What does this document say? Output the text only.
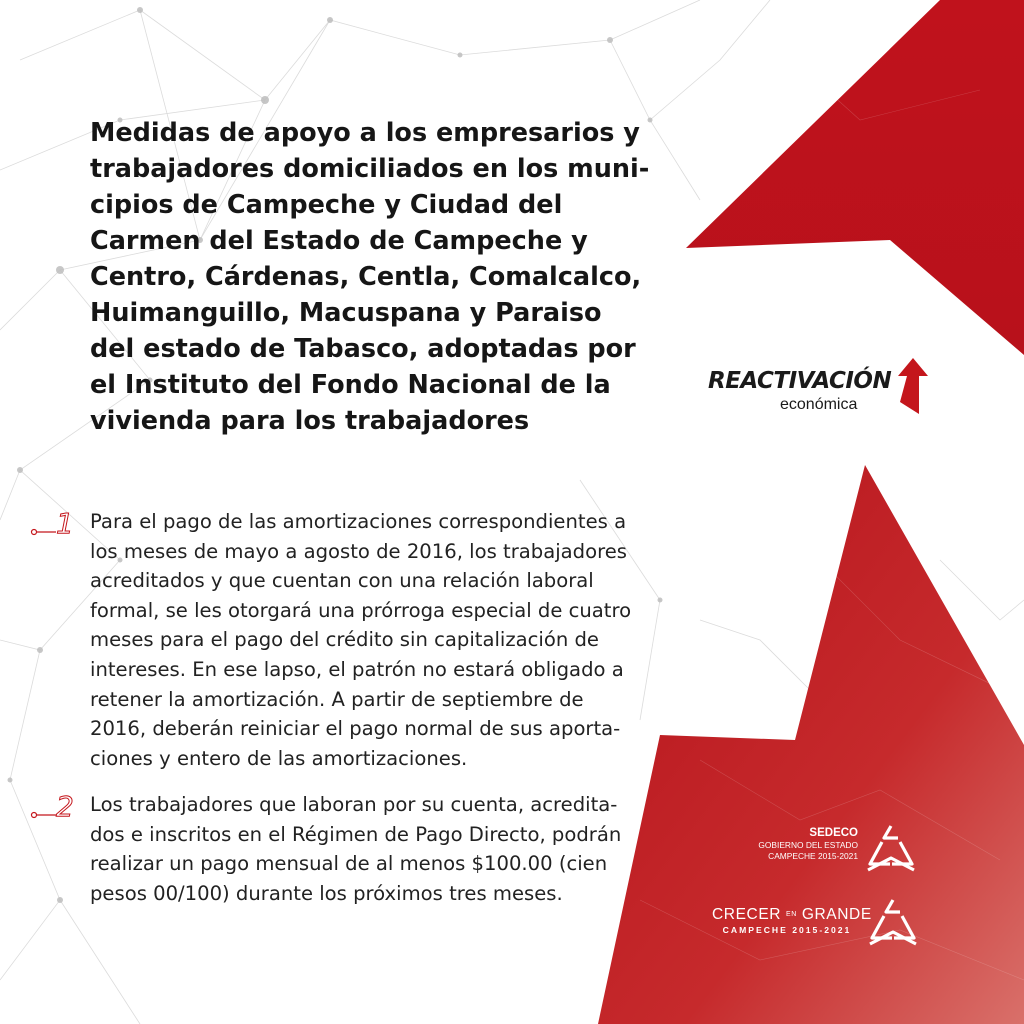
Medidas de apoyo a los empresarios y
trabajadores domiciliados en los muni-
cipios de Campeche y Ciudad del
Carmen del Estado de Campeche y
Centro, Cárdenas, Centla, Comalcalco,
Huimanguillo, Macuspana y Paraiso
del estado de Tabasco, adoptadas por
el Instituto del Fondo Nacional de la
vivienda para los trabajadores
1 Para el pago de las amortizaciones correspondientes a
los meses de mayo a agosto de 2016, los trabajadores
acreditados y que cuentan con una relación laboral
formal, se les otorgará una prórroga especial de cuatro
meses para el pago del crédito sin capitalización de
intereses. En ese lapso, el patrón no estará obligado a
retener la amortización. A partir de septiembre de
2016, deberán reiniciar el pago normal de sus aporta-
ciones y entero de las amortizaciones.
2 Los trabajadores que laboran por su cuenta, acredita-
dos e inscritos en el Régimen de Pago Directo, podrán
realizar un pago mensual de al menos $100.00 (cien
pesos 00/100) durante los próximos tres meses.
REACTIVACIÓN
económica
SEDECO
GOBIERNO DEL ESTADO
CAMPECHE 2015-2021
CRECER EN GRANDE
CAMPECHE 2015-2021
